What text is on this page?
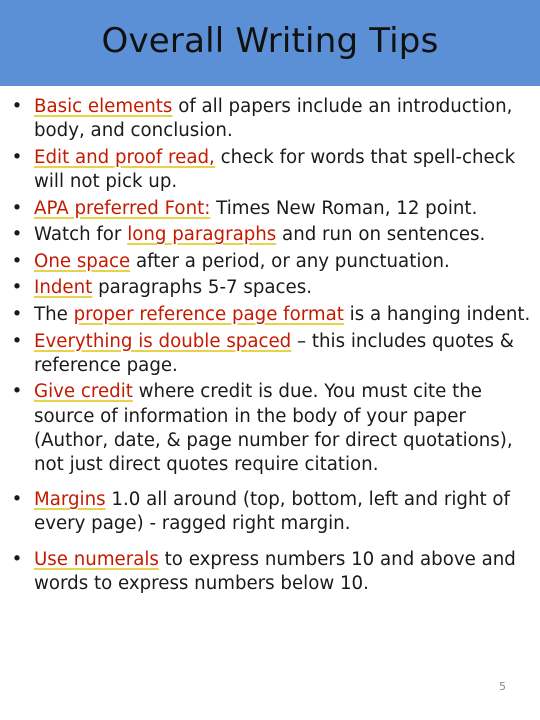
Overall Writing Tips
• Basic elements of all papers include an introduction, body, and conclusion.
• Edit and proof read, check for words that spell-check will not pick up.
• APA preferred Font: Times New Roman, 12 point.
• Watch for long paragraphs and run on sentences.
• One space after a period, or any punctuation.
• Indent paragraphs 5-7 spaces.
• The proper reference page format is a hanging indent.
• Everything is double spaced – this includes quotes & reference page.
• Give credit where credit is due. You must cite the source of information in the body of your paper (Author, date, & page number for direct quotations), not just direct quotes require citation.
• Margins 1.0 all around (top, bottom, left and right of every page) - ragged right margin.
• Use numerals to express numbers 10 and above and words to express numbers below 10.
5
